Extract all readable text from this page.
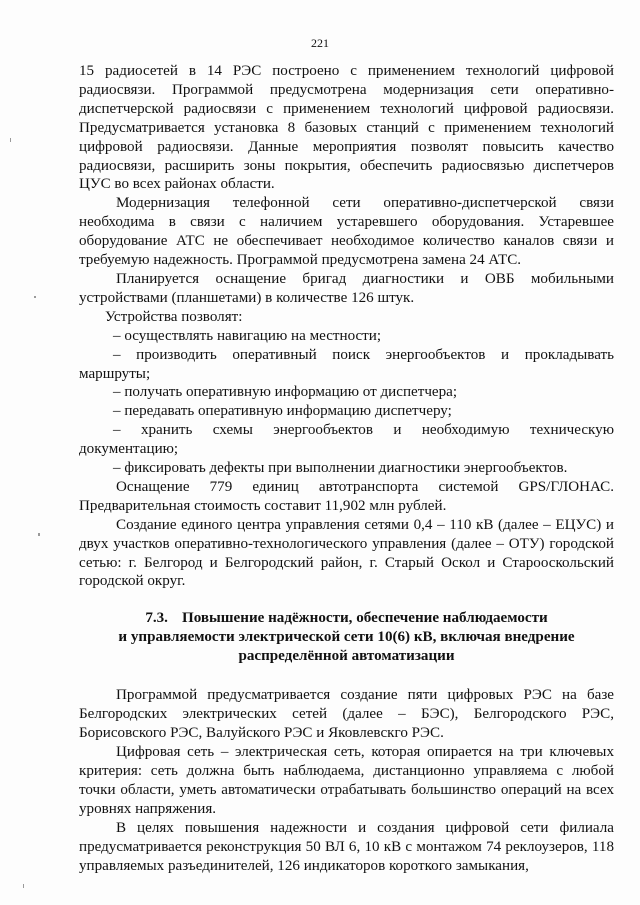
221

15 радиосетей в 14 РЭС построено с применением технологий цифровой радиосвязи. Программой предусмотрена модернизация сети оперативно-диспетчерской радиосвязи с применением технологий цифровой радиосвязи. Предусматривается установка 8 базовых станций с применением технологий цифровой радиосвязи. Данные мероприятия позволят повысить качество радиосвязи, расширить зоны покрытия, обеспечить радиосвязью диспетчеров ЦУС во всех районах области.

Модернизация телефонной сети оперативно-диспетчерской связи необходима в связи с наличием устаревшего оборудования. Устаревшее оборудование АТС не обеспечивает необходимое количество каналов связи и требуемую надежность. Программой предусмотрена замена 24 АТС.

Планируется оснащение бригад диагностики и ОВБ мобильными устройствами (планшетами) в количестве 126 штук.

Устройства позволят:

– осуществлять навигацию на местности;

– производить оперативный поиск энергообъектов и прокладывать маршруты;

– получать оперативную информацию от диспетчера;

– передавать оперативную информацию диспетчеру;

– хранить схемы энергообъектов и необходимую техническую документацию;

– фиксировать дефекты при выполнении диагностики энергообъектов.

Оснащение 779 единиц автотранспорта системой GPS/ГЛОНАС. Предварительная стоимость составит 11,902 млн рублей.

Создание единого центра управления сетями 0,4 – 110 кВ (далее – ЕЦУС) и двух участков оперативно-технологического управления (далее – ОТУ) городской сетью: г. Белгород и Белгородский район, г. Старый Оскол и Старооскольский городской округ.

7.3. Повышение надёжности, обеспечение наблюдаемости
и управляемости электрической сети 10(6) кВ, включая внедрение
распределённой автоматизации

Программой предусматривается создание пяти цифровых РЭС на базе Белгородских электрических сетей (далее – БЭС), Белгородского РЭС, Борисовского РЭС, Валуйского РЭС и Яковлевскго РЭС.

Цифровая сеть – электрическая сеть, которая опирается на три ключевых критерия: сеть должна быть наблюдаема, дистанционно управляема с любой точки области, уметь автоматически отрабатывать большинство операций на всех уровнях напряжения.

В целях повышения надежности и создания цифровой сети филиала предусматривается реконструкция 50 ВЛ 6, 10 кВ с монтажом 74 реклоузеров, 118 управляемых разъединителей, 126 индикаторов короткого замыкания,
